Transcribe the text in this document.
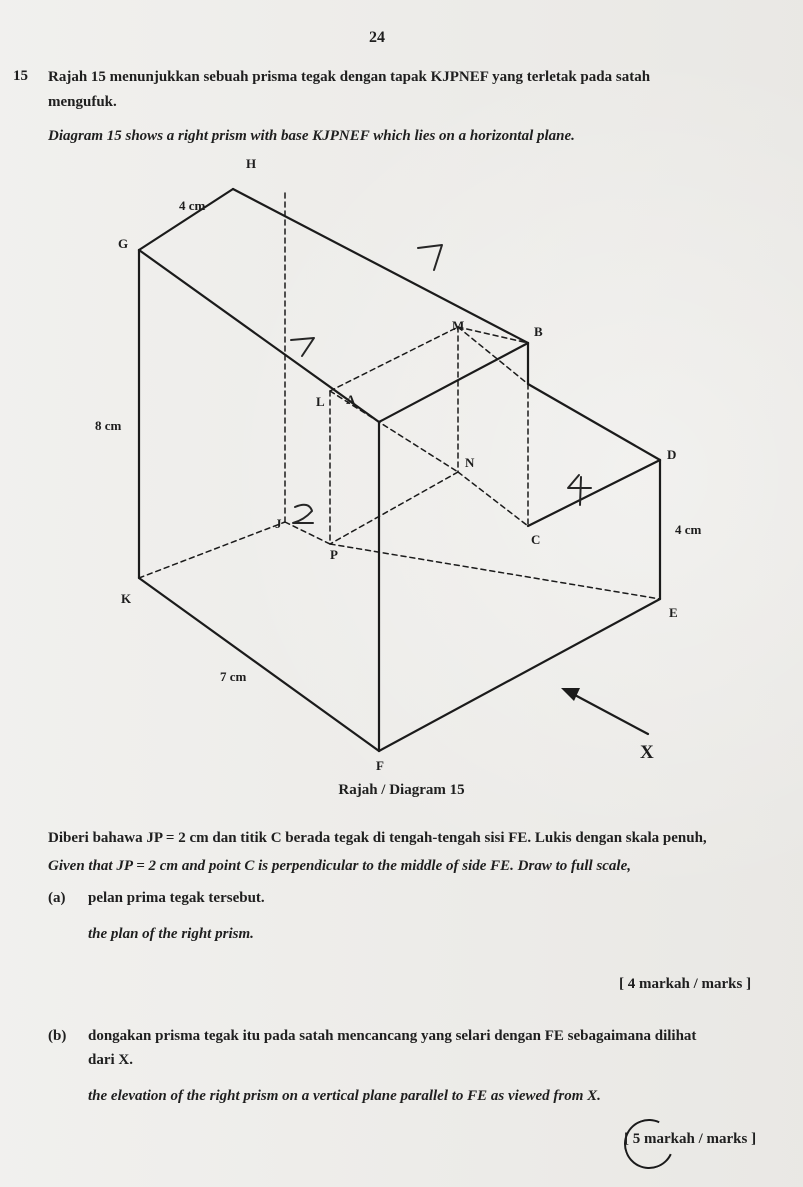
24
15 Rajah 15 menunjukkan sebuah prisma tegak dengan tapak KJPNEF yang terletak pada satah
mengufuk.
Diagram 15 shows a right prism with base KJPNEF which lies on a horizontal plane.
H
4 cm
G
M	B
L A
8 cm
N
D
J
P
C
4 cm
K
E
7 cm
F
X
Rajah / Diagram 15
Diberi bahawa JP = 2 cm dan titik C berada tegak di tengah-tengah sisi FE. Lukis dengan skala penuh,
Given that JP = 2 cm and point C is perpendicular to the middle of side FE. Draw to full scale,
(a) pelan prima tegak tersebut.
the plan of the right prism.
[ 4 markah / marks ]
(b) dongakan prisma tegak itu pada satah mencancang yang selari dengan FE sebagaimana dilihat
dari X.
the elevation of the right prism on a vertical plane parallel to FE as viewed from X.
[ 5 markah / marks ]
